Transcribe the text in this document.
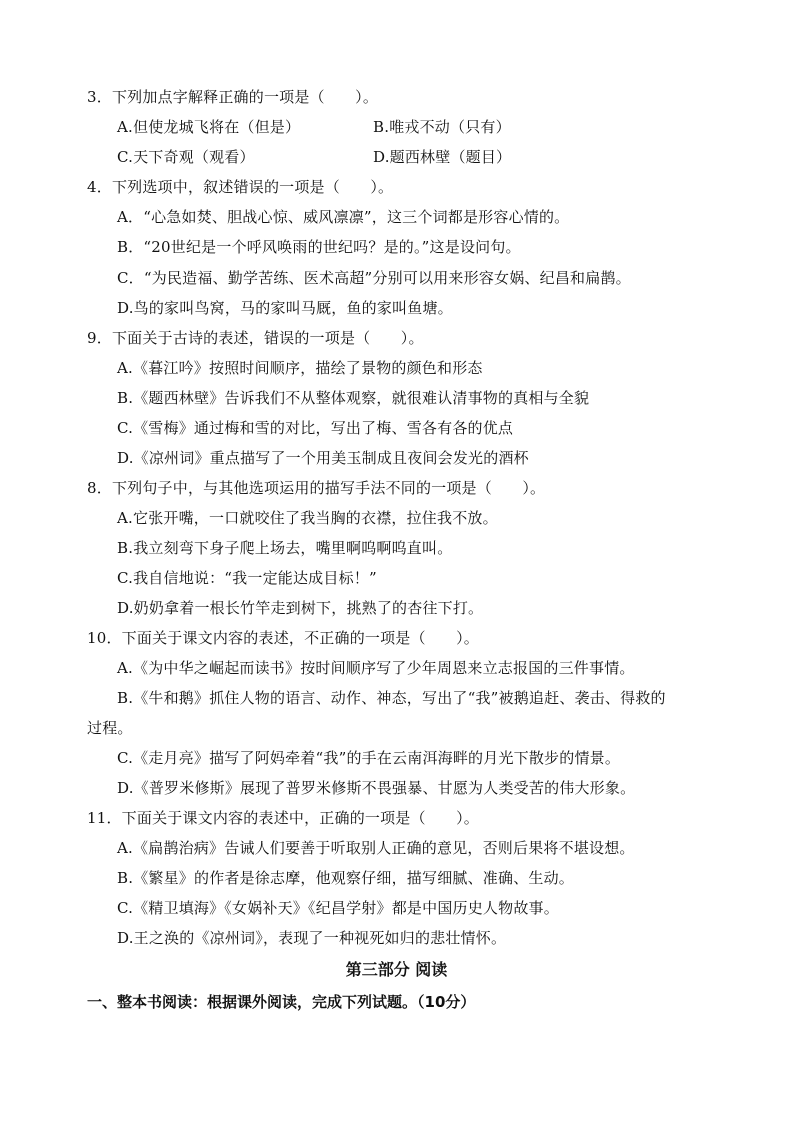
3．下列加点字解释正确的一项是（　　）。
A.但使龙城飞将在（但是）	B.唯戎不动（只有）
C.天下奇观（观看）	D.题西林壁（题目）
4．下列选项中，叙述错误的一项是（　　）。
A．“心急如焚、胆战心惊、威风凛凛”，这三个词都是形容心情的。
B．“20世纪是一个呼风唤雨的世纪吗？是的。”这是设问句。
C．“为民造福、勤学苦练、医术高超”分别可以用来形容女娲、纪昌和扁鹊。
D.鸟的家叫鸟窝，马的家叫马厩，鱼的家叫鱼塘。
9．下面关于古诗的表述，错误的一项是（　　）。
A.《暮江吟》按照时间顺序，描绘了景物的颜色和形态
B.《题西林壁》告诉我们不从整体观察，就很难认清事物的真相与全貌
C.《雪梅》通过梅和雪的对比，写出了梅、雪各有各的优点
D.《凉州词》重点描写了一个用美玉制成且夜间会发光的酒杯
8．下列句子中，与其他选项运用的描写手法不同的一项是（　　）。
A.它张开嘴，一口就咬住了我当胸的衣襟，拉住我不放。
B.我立刻弯下身子爬上场去，嘴里啊呜啊呜直叫。
C.我自信地说：“我一定能达成目标！”
D.奶奶拿着一根长竹竿走到树下，挑熟了的杏往下打。
10．下面关于课文内容的表述，不正确的一项是（　　）。
A.《为中华之崛起而读书》按时间顺序写了少年周恩来立志报国的三件事情。
B.《牛和鹅》抓住人物的语言、动作、神态，写出了“我”被鹅追赶、袭击、得救的
过程。
C.《走月亮》描写了阿妈牵着“我”的手在云南洱海畔的月光下散步的情景。
D.《普罗米修斯》展现了普罗米修斯不畏强暴、甘愿为人类受苦的伟大形象。
11．下面关于课文内容的表述中，正确的一项是（　　）。
A.《扁鹊治病》告诫人们要善于听取别人正确的意见，否则后果将不堪设想。
B.《繁星》的作者是徐志摩，他观察仔细，描写细腻、准确、生动。
C.《精卫填海》《女娲补天》《纪昌学射》都是中国历史人物故事。
D.王之涣的《凉州词》，表现了一种视死如归的悲壮情怀。
第三部分 阅读
一、整本书阅读：根据课外阅读，完成下列试题。（10分）
